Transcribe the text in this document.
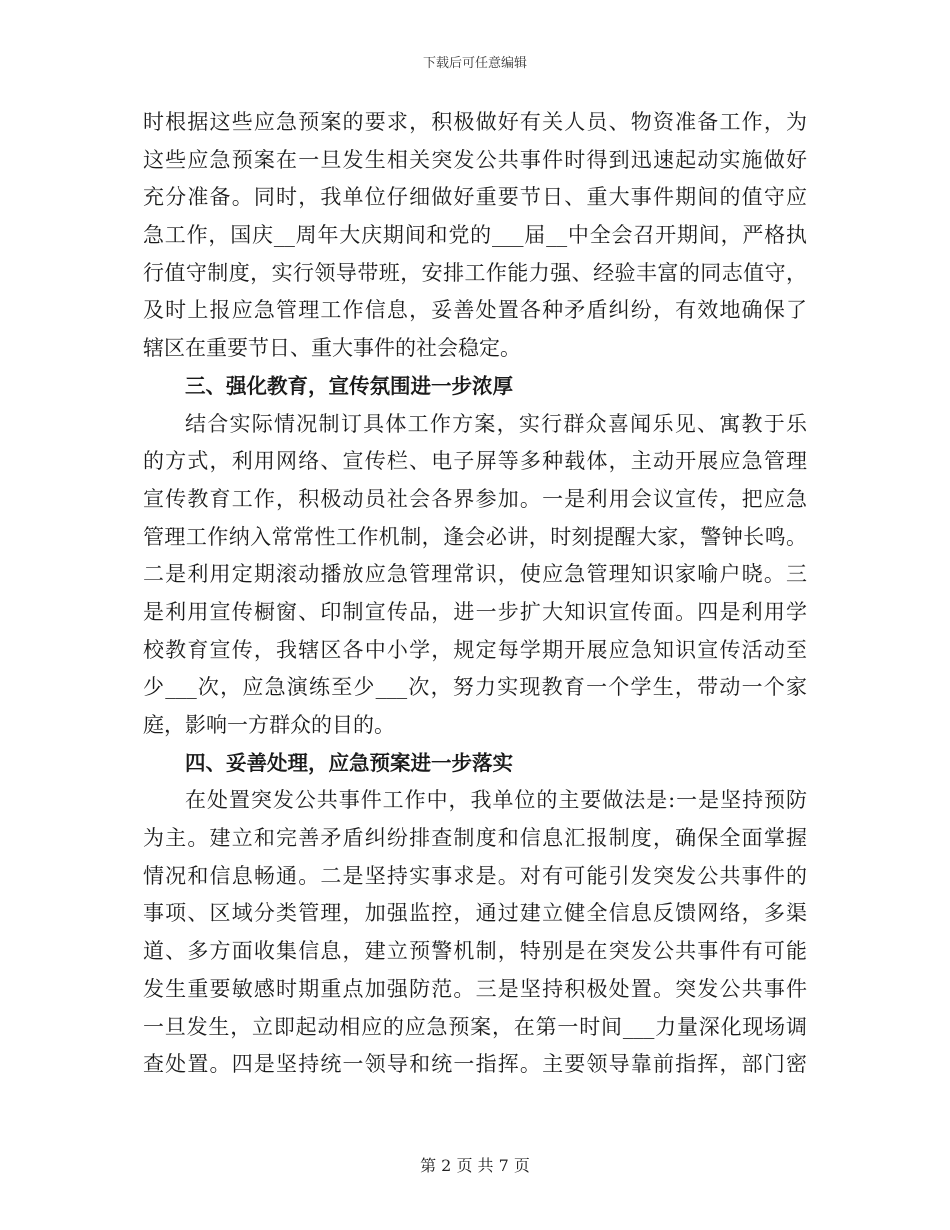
下载后可任意编辑
时根据这些应急预案的要求，积极做好有关人员、物资准备工作，为
这些应急预案在一旦发生相关突发公共事件时得到迅速起动实施做好
充分准备。同时，我单位仔细做好重要节日、重大事件期间的值守应
急工作，国庆__周年大庆期间和党的___届__中全会召开期间，严格执
行值守制度，实行领导带班，安排工作能力强、经验丰富的同志值守，
及时上报应急管理工作信息，妥善处置各种矛盾纠纷，有效地确保了
辖区在重要节日、重大事件的社会稳定。
三、强化教育，宣传氛围进一步浓厚
结合实际情况制订具体工作方案，实行群众喜闻乐见、寓教于乐
的方式，利用网络、宣传栏、电子屏等多种载体，主动开展应急管理
宣传教育工作，积极动员社会各界参加。一是利用会议宣传，把应急
管理工作纳入常常性工作机制，逢会必讲，时刻提醒大家，警钟长鸣。
二是利用定期滚动播放应急管理常识，使应急管理知识家喻户晓。三
是利用宣传橱窗、印制宣传品，进一步扩大知识宣传面。四是利用学
校教育宣传，我辖区各中小学，规定每学期开展应急知识宣传活动至
少___次，应急演练至少___次，努力实现教育一个学生，带动一个家
庭，影响一方群众的目的。
四、妥善处理，应急预案进一步落实
在处置突发公共事件工作中，我单位的主要做法是:一是坚持预防
为主。建立和完善矛盾纠纷排查制度和信息汇报制度，确保全面掌握
情况和信息畅通。二是坚持实事求是。对有可能引发突发公共事件的
事项、区域分类管理，加强监控，通过建立健全信息反馈网络，多渠
道、多方面收集信息，建立预警机制，特别是在突发公共事件有可能
发生重要敏感时期重点加强防范。三是坚持积极处置。突发公共事件
一旦发生，立即起动相应的应急预案，在第一时间___力量深化现场调
查处置。四是坚持统一领导和统一指挥。主要领导靠前指挥，部门密
第 2 页 共 7 页
